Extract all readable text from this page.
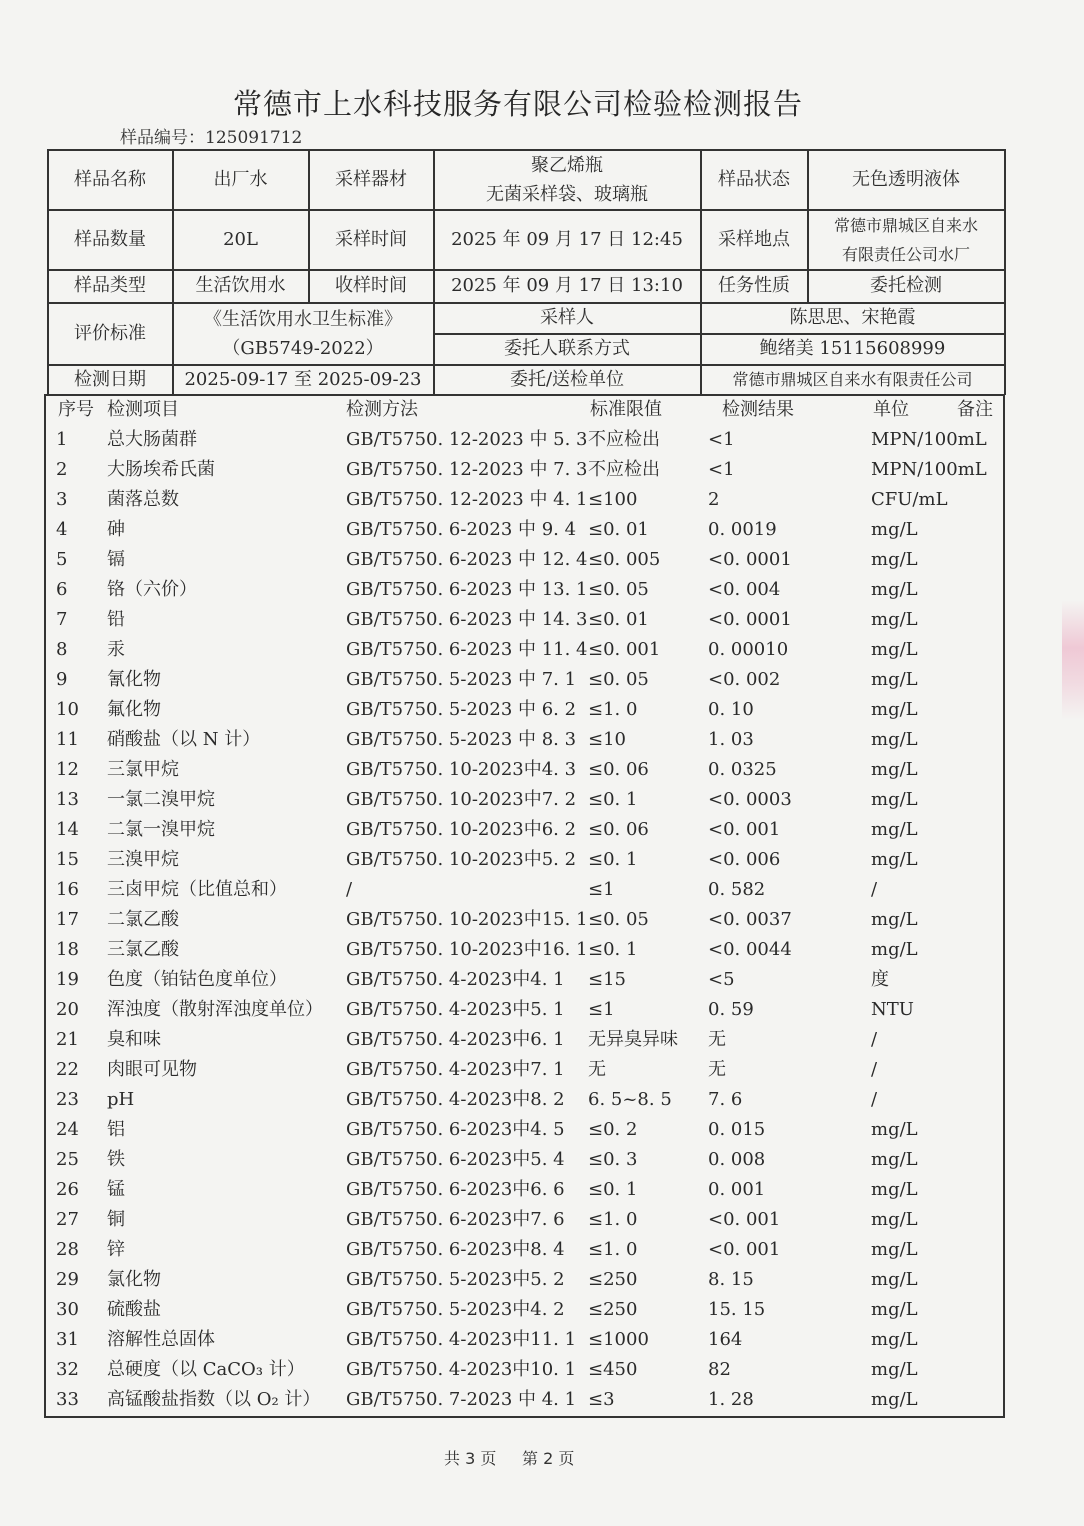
常德市上水科技服务有限公司检验检测报告
样品编号：125091712
样品名称	出厂水	采样器材
聚乙烯瓶
无菌采样袋、玻璃瓶
样品状态	无色透明液体
样品数量	20L	采样时间	2025 年 09 月 17 日 12:45	采样地点
常德市鼎城区自来水
有限责任公司水厂
样品类型	生活饮用水	收样时间	2025 年 09 月 17 日 13:10	任务性质	委托检测
评价标准
《生活饮用水卫生标准》
（GB5749-2022）
采样人	陈思思、宋艳霞
委托人联系方式	鲍绪美 15115608999
检测日期	2025-09-17 至 2025-09-23	委托/送检单位	常德市鼎城区自来水有限责任公司
序号 检测项目	检测方法	标准限值	检测结果	单位	备注
1 总大肠菌群	GB/T5750. 12-2023 中 5. 3 不应检出	<1	MPN/100mL
2 大肠埃希氏菌	GB/T5750. 12-2023 中 7. 3 不应检出	<1	MPN/100mL
3 菌落总数	GB/T5750. 12-2023 中 4. 1 ≤100	2	CFU/mL
4 砷	GB/T5750. 6-2023 中 9. 4 ≤0. 01	0. 0019	mg/L
5 镉	GB/T5750. 6-2023 中 12. 4 ≤0. 005	<0. 0001	mg/L
6 铬（六价）	GB/T5750. 6-2023 中 13. 1 ≤0. 05	<0. 004	mg/L
7 铅	GB/T5750. 6-2023 中 14. 3 ≤0. 01	<0. 0001	mg/L
8 汞	GB/T5750. 6-2023 中 11. 4 ≤0. 001	0. 00010	mg/L
9 氰化物	GB/T5750. 5-2023 中 7. 1 ≤0. 05	<0. 002	mg/L
10 氟化物	GB/T5750. 5-2023 中 6. 2 ≤1. 0	0. 10	mg/L
11 硝酸盐（以 N 计）	GB/T5750. 5-2023 中 8. 3 ≤10	1. 03	mg/L
12 三氯甲烷	GB/T5750. 10-2023中4. 3 ≤0. 06	0. 0325	mg/L
13 一氯二溴甲烷	GB/T5750. 10-2023中7. 2 ≤0. 1	<0. 0003	mg/L
14 二氯一溴甲烷	GB/T5750. 10-2023中6. 2 ≤0. 06	<0. 001	mg/L
15 三溴甲烷	GB/T5750. 10-2023中5. 2 ≤0. 1	<0. 006	mg/L
16 三卤甲烷（比值总和）	/	≤1	0. 582	/
17 二氯乙酸	GB/T5750. 10-2023中15. 1 ≤0. 05	<0. 0037	mg/L
18 三氯乙酸	GB/T5750. 10-2023中16. 1 ≤0. 1	<0. 0044	mg/L
19 色度（铂钴色度单位）	GB/T5750. 4-2023中4. 1 ≤15	<5	度
20 浑浊度（散射浑浊度单位） GB/T5750. 4-2023中5. 1 ≤1	0. 59	NTU
21 臭和味	GB/T5750. 4-2023中6. 1 无异臭异味 无	/
22 肉眼可见物	GB/T5750. 4-2023中7. 1 无	无	/
23 pH	GB/T5750. 4-2023中8. 2 6. 5~8. 5 7. 6	/
24 铝	GB/T5750. 6-2023中4. 5 ≤0. 2	0. 015	mg/L
25 铁	GB/T5750. 6-2023中5. 4 ≤0. 3	0. 008	mg/L
26 锰	GB/T5750. 6-2023中6. 6 ≤0. 1	0. 001	mg/L
27 铜	GB/T5750. 6-2023中7. 6 ≤1. 0	<0. 001	mg/L
28 锌	GB/T5750. 6-2023中8. 4 ≤1. 0	<0. 001	mg/L
29 氯化物	GB/T5750. 5-2023中5. 2 ≤250	8. 15	mg/L
30 硫酸盐	GB/T5750. 5-2023中4. 2 ≤250	15. 15	mg/L
31 溶解性总固体	GB/T5750. 4-2023中11. 1 ≤1000	164	mg/L
32 总硬度（以 CaCO₃ 计） GB/T5750. 4-2023中10. 1 ≤450	82	mg/L
33 高锰酸盐指数（以 O₂ 计） GB/T5750. 7-2023 中 4. 1 ≤3	1. 28	mg/L
共 3 页 第 2 页
